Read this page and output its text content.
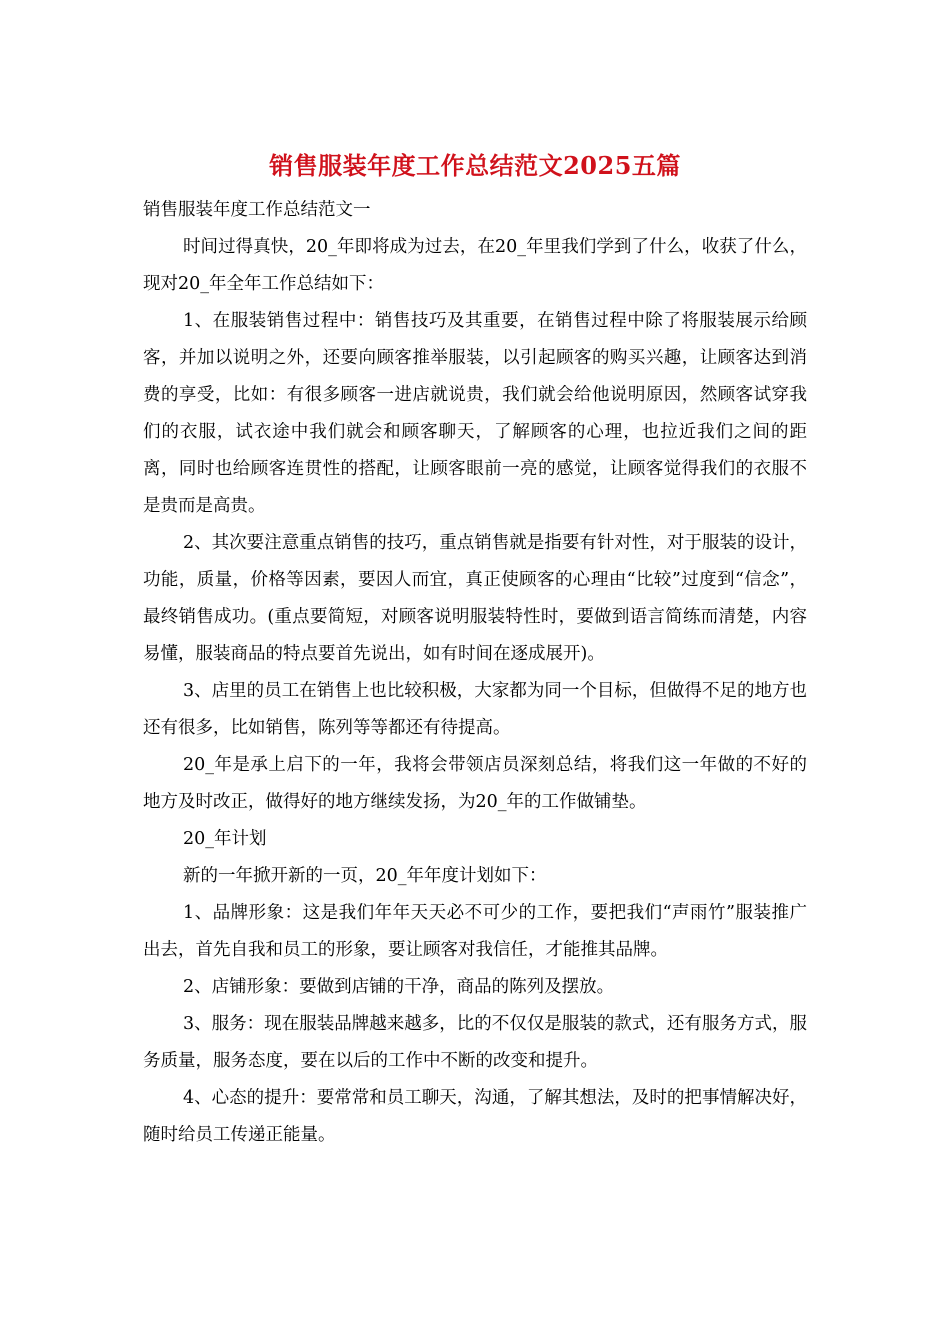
销售服装年度工作总结范文2025五篇

销售服装年度工作总结范文一

时间过得真快，20_年即将成为过去，在20_年里我们学到了什么，收获了什么，现对20_年全年工作总结如下：

1、在服装销售过程中：销售技巧及其重要，在销售过程中除了将服装展示给顾客，并加以说明之外，还要向顾客推举服装，以引起顾客的购买兴趣，让顾客达到消费的享受，比如：有很多顾客一进店就说贵，我们就会给他说明原因，然顾客试穿我们的衣服，试衣途中我们就会和顾客聊天，了解顾客的心理，也拉近我们之间的距离，同时也给顾客连贯性的搭配，让顾客眼前一亮的感觉，让顾客觉得我们的衣服不是贵而是高贵。

2、其次要注意重点销售的技巧，重点销售就是指要有针对性，对于服装的设计，功能，质量，价格等因素，要因人而宜，真正使顾客的心理由“比较”过度到“信念”，最终销售成功。(重点要简短，对顾客说明服装特性时，要做到语言简练而清楚，内容易懂，服装商品的特点要首先说出，如有时间在逐成展开)。

3、店里的员工在销售上也比较积极，大家都为同一个目标，但做得不足的地方也还有很多，比如销售，陈列等等都还有待提高。

20_年是承上启下的一年，我将会带领店员深刻总结，将我们这一年做的不好的地方及时改正，做得好的地方继续发扬，为20_年的工作做铺垫。

20_年计划

新的一年掀开新的一页，20_年年度计划如下：

1、品牌形象：这是我们年年天天必不可少的工作，要把我们“声雨竹”服装推广出去，首先自我和员工的形象，要让顾客对我信任，才能推其品牌。

2、店铺形象：要做到店铺的干净，商品的陈列及摆放。

3、服务：现在服装品牌越来越多，比的不仅仅是服装的款式，还有服务方式，服务质量，服务态度，要在以后的工作中不断的改变和提升。

4、心态的提升：要常常和员工聊天，沟通，了解其想法，及时的把事情解决好，随时给员工传递正能量。
